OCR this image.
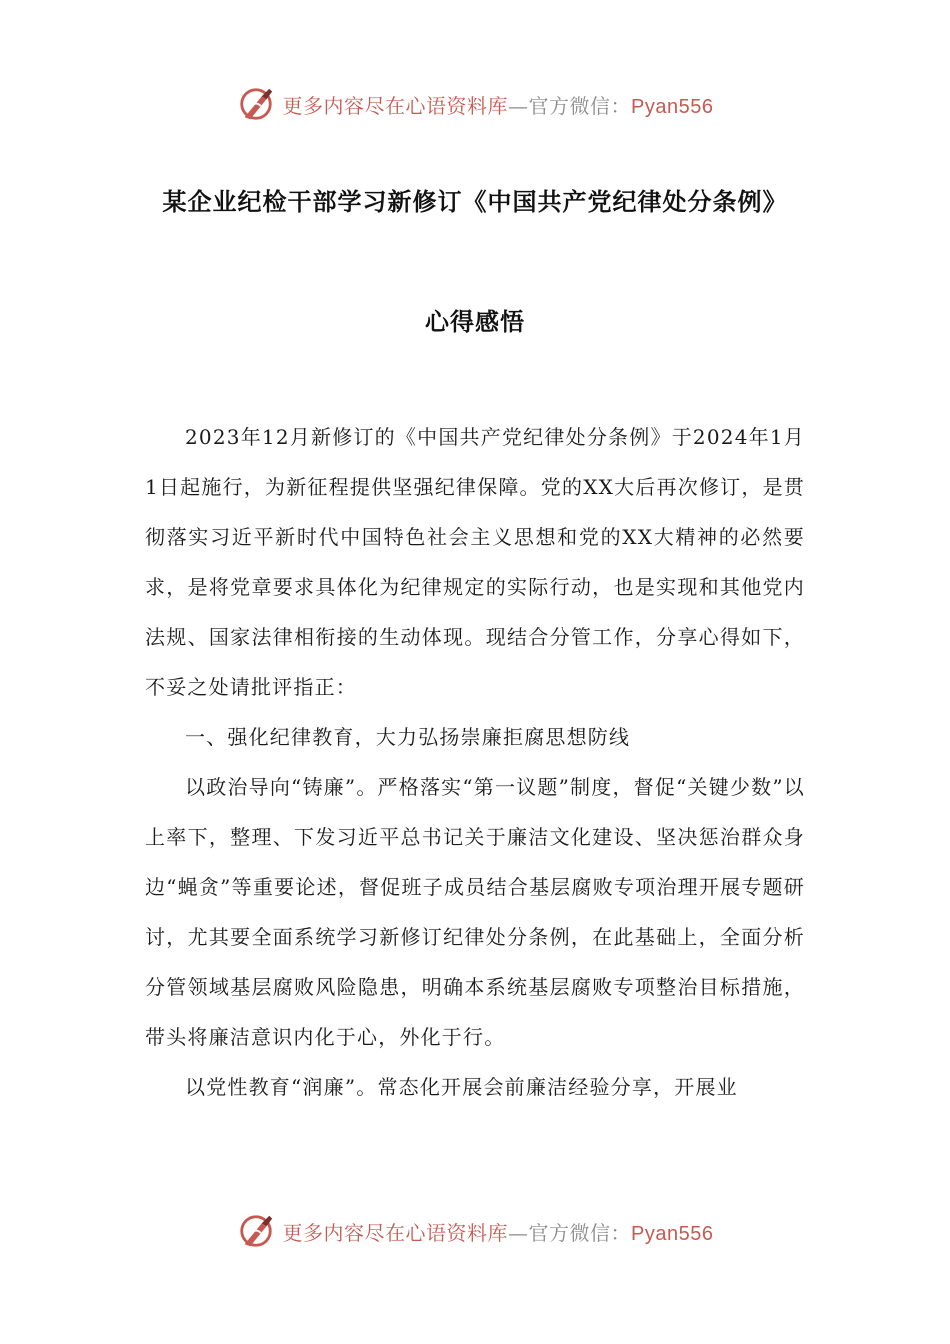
更多内容尽在心语资料库—官方微信：Pyan556
某企业纪检干部学习新修订《中国共产党纪律处分条例》
心得感悟

2023年12月新修订的《中国共产党纪律处分条例》于2024年1月1日起施行，为新征程提供坚强纪律保障。党的XX大后再次修订，是贯彻落实习近平新时代中国特色社会主义思想和党的XX大精神的必然要求，是将党章要求具体化为纪律规定的实际行动，也是实现和其他党内法规、国家法律相衔接的生动体现。现结合分管工作，分享心得如下，不妥之处请批评指正：

一、强化纪律教育，大力弘扬崇廉拒腐思想防线

以政治导向“铸廉”。严格落实“第一议题”制度，督促“关键少数”以上率下，整理、下发习近平总书记关于廉洁文化建设、坚决惩治群众身边“蝇贪”等重要论述，督促班子成员结合基层腐败专项治理开展专题研讨，尤其要全面系统学习新修订纪律处分条例，在此基础上，全面分析分管领域基层腐败风险隐患，明确本系统基层腐败专项整治目标措施，带头将廉洁意识内化于心，外化于行。

以党性教育“润廉”。常态化开展会前廉洁经验分享，开展业

更多内容尽在心语资料库—官方微信：Pyan556
